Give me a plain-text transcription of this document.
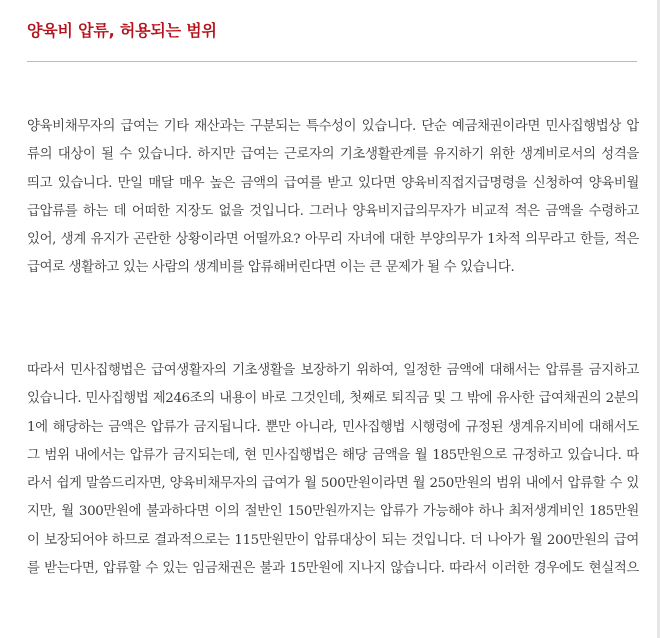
양육비 압류, 허용되는 범위

양육비채무자의 급여는 기타 재산과는 구분되는 특수성이 있습니다. 단순 예금채권이라면 민사집행법상 압
류의 대상이 될 수 있습니다. 하지만 급여는 근로자의 기초생활관계를 유지하기 위한 생계비로서의 성격을
띄고 있습니다. 만일 매달 매우 높은 금액의 급여를 받고 있다면 양육비직접지급명령을 신청하여 양육비월
급압류를 하는 데 어떠한 지장도 없을 것입니다. 그러나 양육비지급의무자가 비교적 적은 금액을 수령하고
있어, 생계 유지가 곤란한 상황이라면 어떨까요? 아무리 자녀에 대한 부양의무가 1차적 의무라고 한들, 적은
급여로 생활하고 있는 사람의 생계비를 압류해버린다면 이는 큰 문제가 될 수 있습니다.

따라서 민사집행법은 급여생활자의 기초생활을 보장하기 위하여, 일정한 금액에 대해서는 압류를 금지하고
있습니다. 민사집행법 제246조의 내용이 바로 그것인데, 첫째로 퇴직금 및 그 밖에 유사한 급여채권의 2분의
1에 해당하는 금액은 압류가 금지됩니다. 뿐만 아니라, 민사집행법 시행령에 규정된 생계유지비에 대해서도
그 범위 내에서는 압류가 금지되는데, 현 민사집행법은 해당 금액을 월 185만원으로 규정하고 있습니다. 따
라서 쉽게 말씀드리자면, 양육비채무자의 급여가 월 500만원이라면 월 250만원의 범위 내에서 압류할 수 있
지만, 월 300만원에 불과하다면 이의 절반인 150만원까지는 압류가 가능해야 하나 최저생계비인 185만원
이 보장되어야 하므로 결과적으로는 115만원만이 압류대상이 되는 것입니다. 더 나아가 월 200만원의 급여
를 받는다면, 압류할 수 있는 임금채권은 불과 15만원에 지나지 않습니다. 따라서 이러한 경우에도 현실적으
